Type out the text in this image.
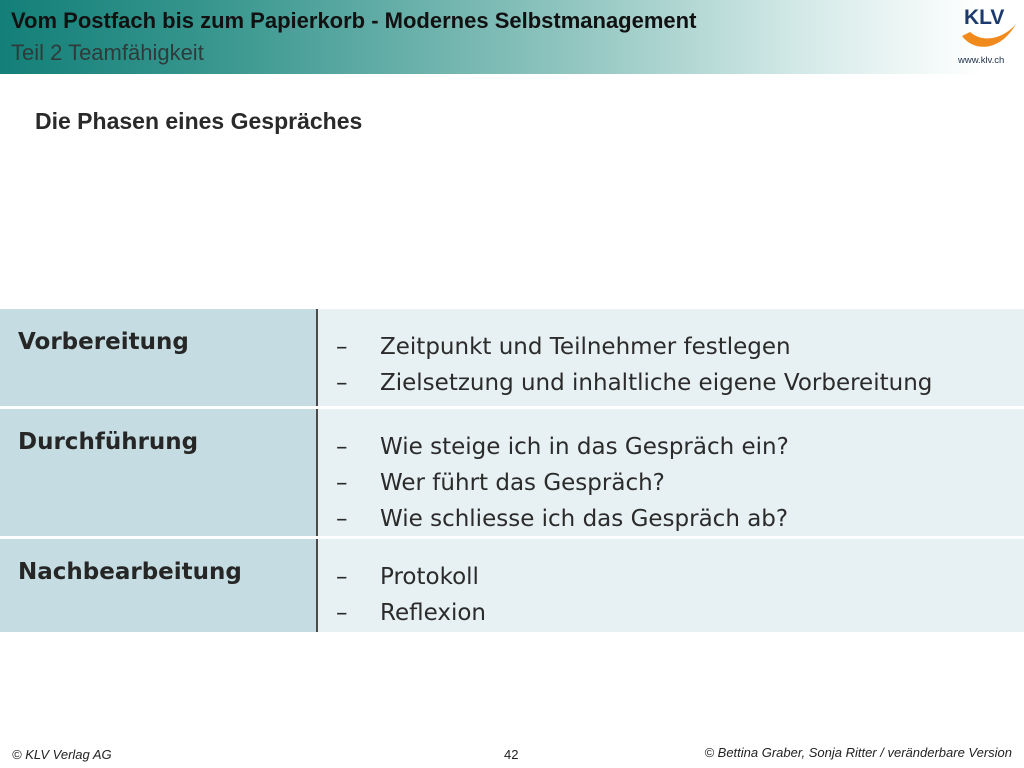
Vom Postfach bis zum Papierkorb - Modernes Selbstmanagement
Teil 2 Teamfähigkeit
KLV
www.klv.ch
Die Phasen eines Gespräches
Vorbereitung	–	Zeitpunkt und Teilnehmer festlegen
–	Zielsetzung und inhaltliche eigene Vorbereitung
Durchführung	–	Wie steige ich in das Gespräch ein?
–	Wer führt das Gespräch?
–	Wie schliesse ich das Gespräch ab?
Nachbearbeitung	–	Protokoll
–	Reflexion
© KLV Verlag AG	42	© Bettina Graber, Sonja Ritter / veränderbare Version
